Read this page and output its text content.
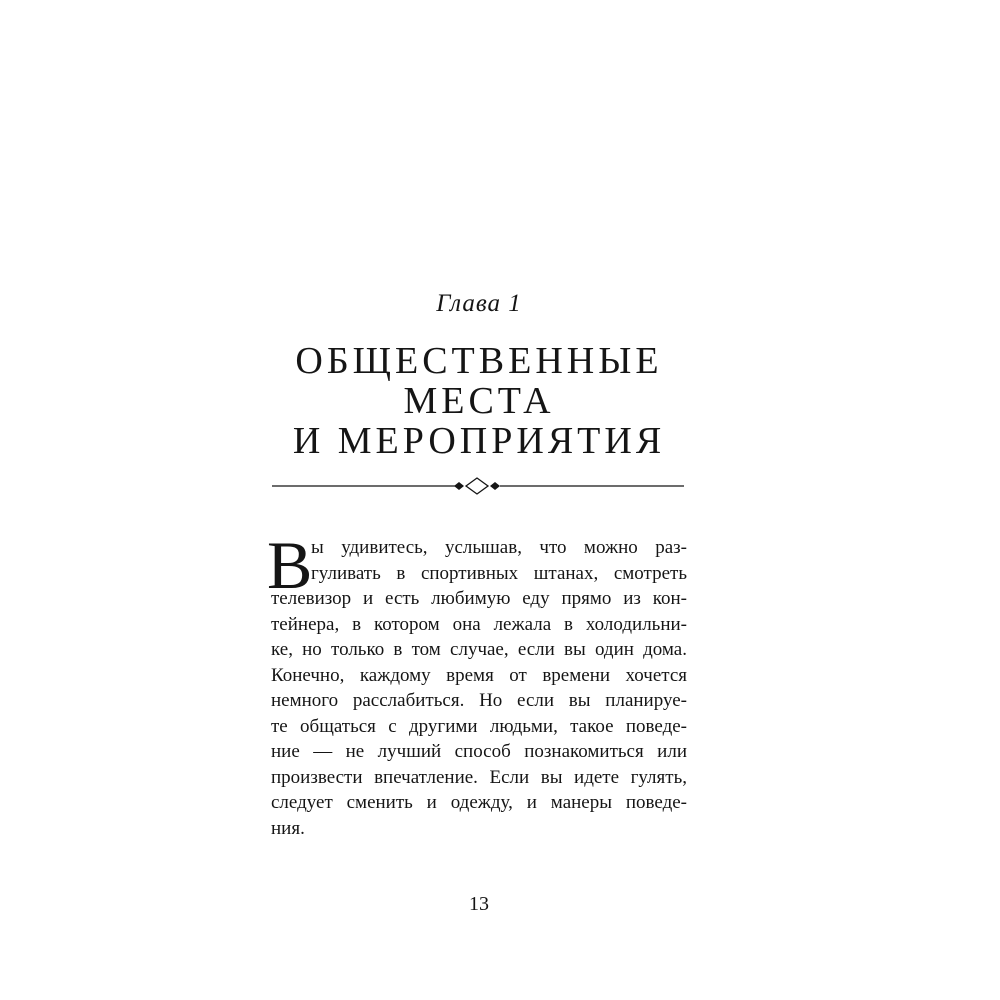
Глава 1
ОБЩЕСТВЕННЫЕ
МЕСТА
И МЕРОПРИЯТИЯ
В
ы удивитесь, услышав, что можно раз-
гуливать в спортивных штанах, смотреть
телевизор и есть любимую еду прямо из кон-
тейнера, в котором она лежала в холодильни-
ке, но только в том случае, если вы один дома.
Конечно, каждому время от времени хочется
немного расслабиться. Но если вы планируе-
те общаться с другими людьми, такое поведе-
ние — не лучший способ познакомиться или
произвести впечатление. Если вы идете гулять,
следует сменить и одежду, и манеры поведе-
ния.
13
